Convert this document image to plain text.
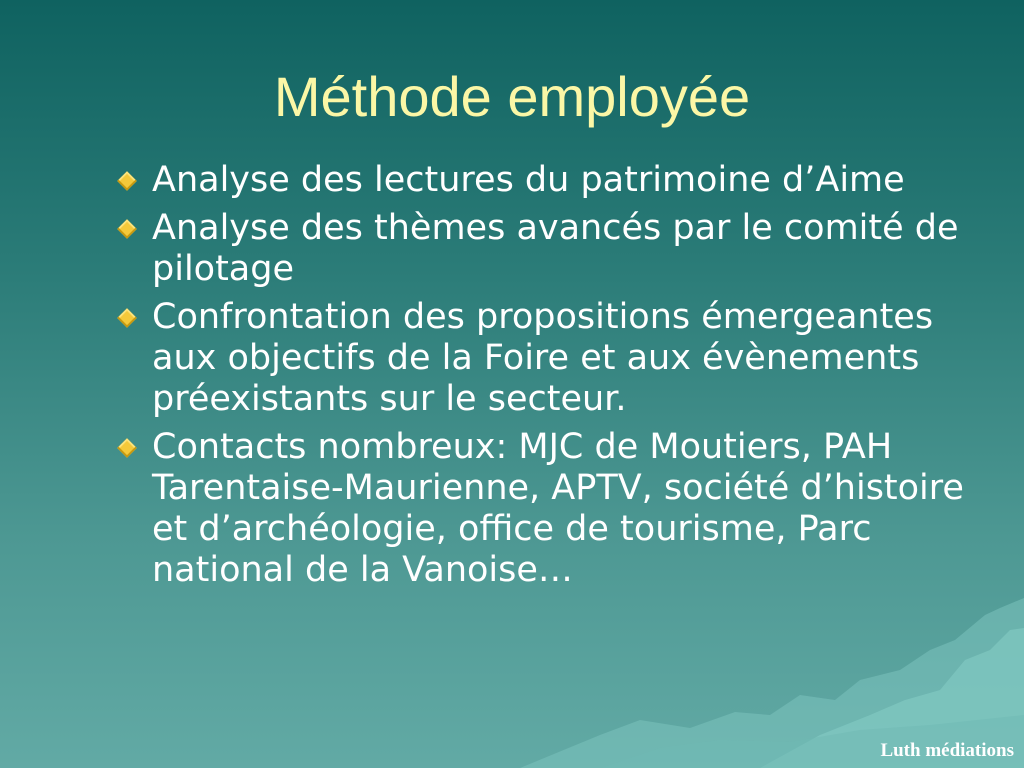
Méthode employée
Analyse des lectures du patrimoine d’Aime
Analyse des thèmes avancés par le comité de pilotage
Confrontation des propositions émergeantes aux objectifs de la Foire et aux évènements préexistants sur le secteur.
Contacts nombreux: MJC de Moutiers, PAH Tarentaise-Maurienne, APTV, société d’histoire et d’archéologie, office de tourisme, Parc national de la Vanoise…
Luth médiations
